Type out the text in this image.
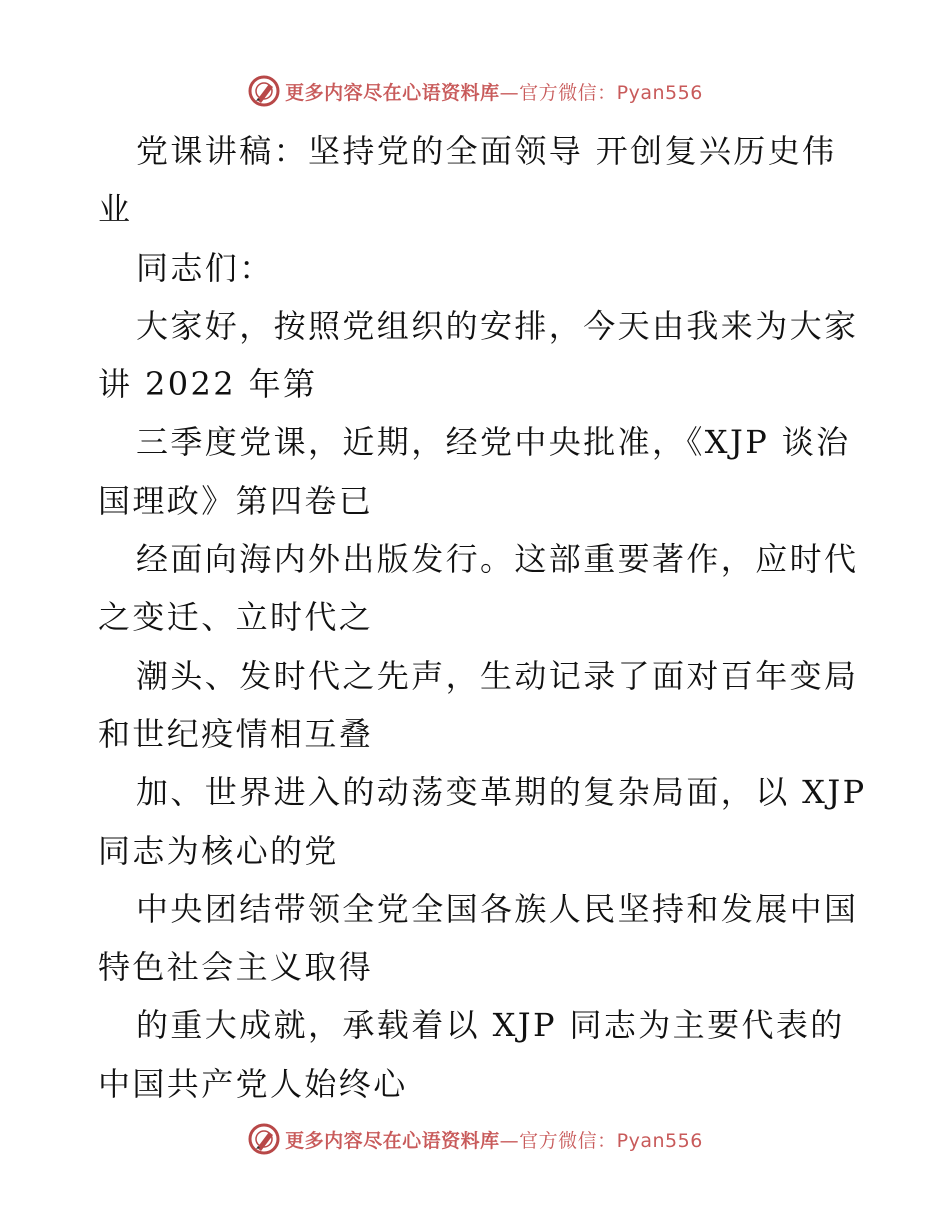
更多内容尽在心语资料库—官方微信：Pyan556
党课讲稿：坚持党的全面领导 开创复兴历史伟
业
同志们：
大家好，按照党组织的安排，今天由我来为大家
讲 2022 年第
三季度党课，近期，经党中央批准，《XJP 谈治
国理政》第四卷已
经面向海内外出版发行。这部重要著作，应时代
之变迁、立时代之
潮头、发时代之先声，生动记录了面对百年变局
和世纪疫情相互叠
加、世界进入的动荡变革期的复杂局面，以 XJP
同志为核心的党
中央团结带领全党全国各族人民坚持和发展中国
特色社会主义取得
的重大成就，承载着以 XJP 同志为主要代表的
中国共产党人始终心
更多内容尽在心语资料库—官方微信：Pyan556
